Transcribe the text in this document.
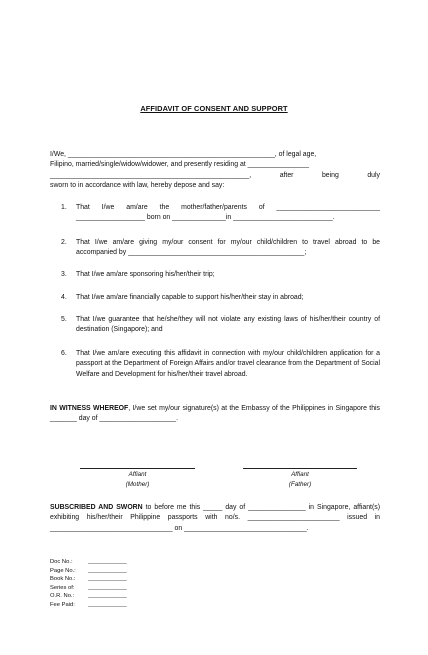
AFFIDAVIT OF CONSENT AND SUPPORT
I/We, ______________________________________________________, of legal age,
Filipino, married/single/widow/widower, and presently residing at ________________
____________________________________________________,	after	being	duly
sworn to in accordance with law, hereby depose and say:
1. That I/we am/are the mother/father/parents of ___________________________ __________________ born on ______________in __________________________.
2. That I/we am/are giving my/our consent for my/our child/children to travel abroad to be accompanied by ______________________________________________;
3. That I/we am/are sponsoring his/her/their trip;
4. That I/we am/are financially capable to support his/her/their stay in abroad;
5. That I/we guarantee that he/she/they will not violate any existing laws of his/her/their country of destination (Singapore); and
6. That I/we am/are executing this affidavit in connection with my/our child/children application for a passport at the Department of Foreign Affairs and/or travel clearance from the Department of Social Welfare and Development for his/her/their travel abroad.
IN WITNESS WHEREOF, I/we set my/our signature(s) at the Embassy of the Philippines in Singapore this _______ day of ____________________.
Affiant
(Mother)
Affiant
(Father)
SUBSCRIBED AND SWORN to before me this _____ day of _______________ in Singapore, affiant(s) exhibiting his/her/their Philippine passports with no/s. ________________________ issued in ________________________________ on ________________________________.
Doc No.:	____________
Page No.: ____________
Book No.: ____________
Series of: ____________
O.R. No.: ____________
Fee Paid: ____________
